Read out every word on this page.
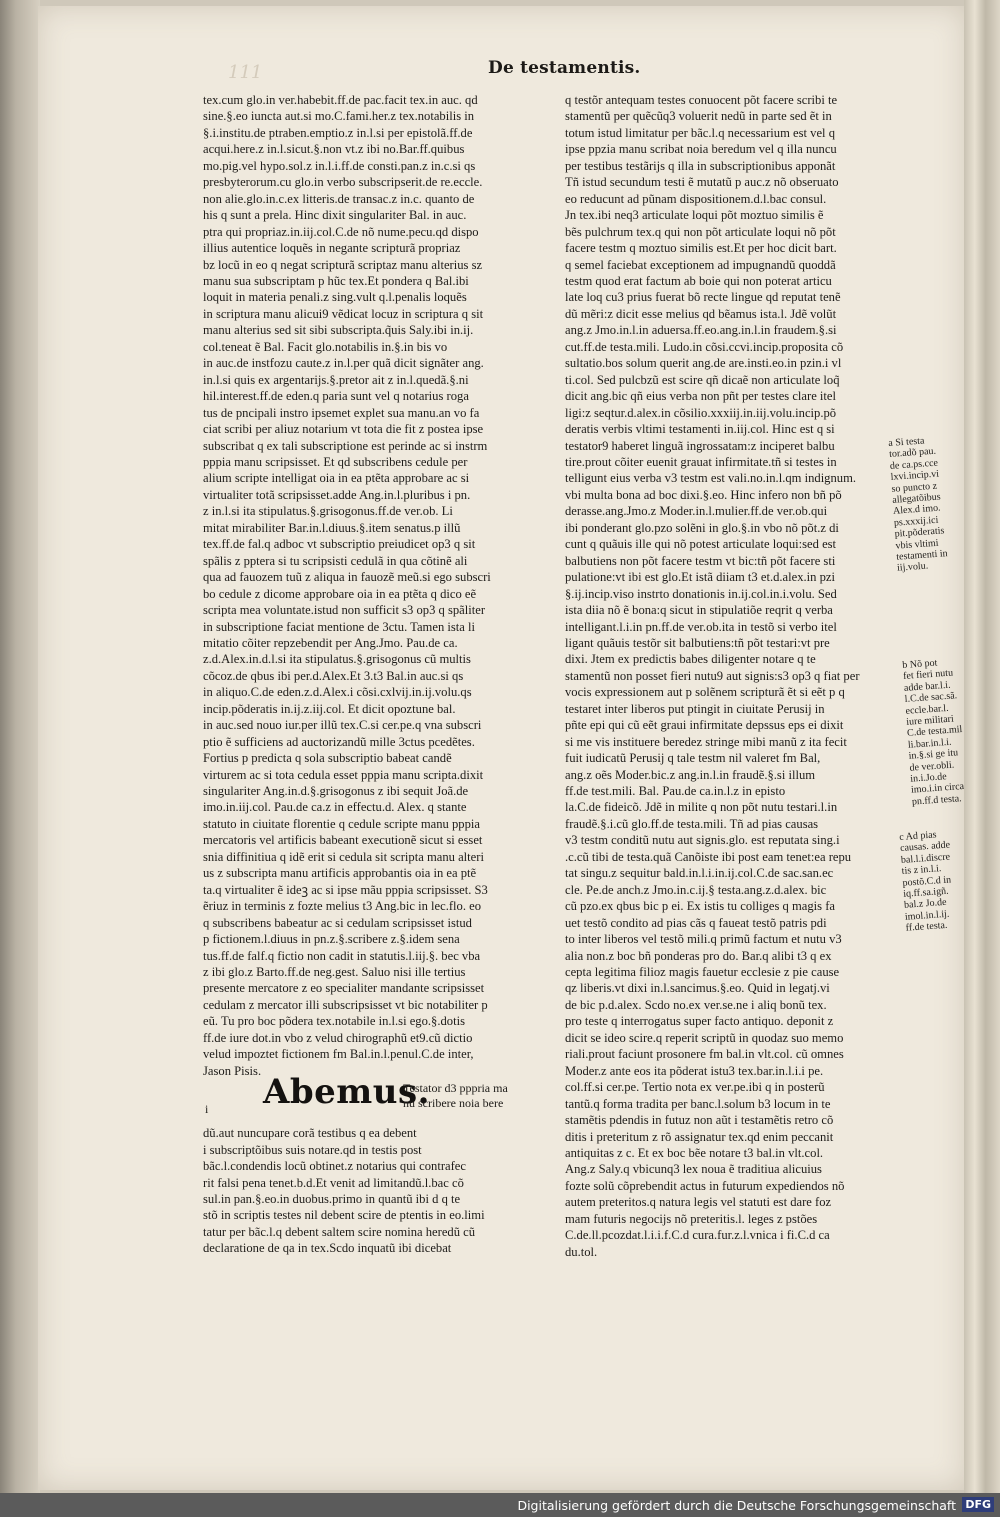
111	De testamentis.

tex.cum glo.in ver.habebit.ff.de pac.facit tex.in auc. qd

sine.§.eo iuncta aut.si mo.C.fami.her.z tex.notabilis in

§.i.institu.de ptraben.emptio.z in.l.si per epistolã.ff.de

acqui.here.z in.l.sicut.§.non vt.z ibi no.Bar.ff.quibus

mo.pig.vel hypo.sol.z in.l.i.ff.de consti.pan.z in.c.si qs

presbyterorum.cu glo.in verbo subscripserit.de re.eccle.

non alie.glo.in.c.ex litteris.de transac.z in.c. quanto de

his q sunt a prela. Hinc dixit singulariter Bal. in auc.

ptra qui propriaz.in.iij.col.C.de nõ nume.pecu.qd dispo

illius autentice loquẽs in negante scripturã propriaz

bz locũ in eo q negat scripturã scriptaz manu alterius sz

manu sua subscriptam p hũc tex.Et pondera q Bal.ibi

loquit in materia penali.z sing.vult q.l.penalis loquẽs

in scriptura manu alicui9 vẽdicat locuz in scriptura q sit

manu alterius sed sit sibi subscripta.q̃uis Saly.ibi in.ij.

col.teneat ẽ Bal. Facit glo.notabilis in.§.in bis vo

in auc.de instfozu caute.z in.l.per quã dicit signãter ang.

in.l.si quis ex argentarijs.§.pretor ait z in.l.quedã.§.ni

hil.interest.ff.de eden.q paria sunt vel q notarius roga

tus de pncipali instro ipsemet explet sua manu.an vo fa

ciat scribi per aliuz notarium vt tota die fit z postea ipse

subscribat q ex tali subscriptione est perinde ac si instrm

pppia manu scripsisset. Et qd subscribens cedule per

alium scripte intelligat oia in ea ptẽta approbare ac si

virtualiter totã scripsisset.adde Ang.in.l.pluribus i pn.

z in.l.si ita stipulatus.§.grisogonus.ff.de ver.ob. Li

mitat mirabiliter Bar.in.l.diuus.§.item senatus.p illũ

tex.ff.de fal.q adboc vt subscriptio preiudicet op3 q sit

spãlis z pptera si tu scripsisti cedulã in qua cõtinẽ ali

qua ad fauozem tuũ z aliqua in fauozẽ meũ.si ego subscri

bo cedule z dicome approbare oia in ea ptẽta q dico eẽ

scripta mea voluntate.istud non sufficit s3 op3 q spãliter

in subscriptione faciat mentione de 3ctu. Tamen ista li

mitatio cõiter repzebendit per Ang.Jmo. Pau.de ca.

z.d.Alex.in.d.l.si ita stipulatus.§.grisogonus cũ multis

cõcoz.de qbus ibi per.d.Alex.Et 3.t3 Bal.in auc.si qs

in aliquo.C.de eden.z.d.Alex.i cõsi.cxlvij.in.ij.volu.qs

incip.põderatis in.ij.z.iij.col. Et dicit opoztune bal.

in auc.sed nouo iur.per illũ tex.C.si cer.pe.q vna subscri

ptio ẽ sufficiens ad auctorizandũ mille 3ctus pcedẽtes.

Fortius p predicta q sola subscriptio babeat candẽ

virturem ac si tota cedula esset pppia manu scripta.dixit

singulariter Ang.in.d.§.grisogonus z ibi sequit Joã.de

imo.in.iij.col. Pau.de ca.z in effectu.d. Alex. q stante

statuto in ciuitate florentie q cedule scripte manu pppia

mercatoris vel artificis babeant executionẽ sicut si esset

snia diffinitiua q idẽ erit si cedula sit scripta manu alteri

us z subscripta manu artificis approbantis oia in ea ptẽ

ta.q virtualiter ẽ ideꝫ ac si ipse mãu pppia scripsisset. S3

ẽriuz in terminis z fozte melius t3 Ang.bic in lec.flo. eo

q subscribens babeatur ac si cedulam scripsisset istud

p fictionem.l.diuus in pn.z.§.scribere z.§.idem sena

tus.ff.de falf.q fictio non cadit in statutis.l.iij.§. bec vba

z ibi glo.z Barto.ff.de neg.gest. Saluo nisi ille tertius

presente mercatore z eo specialiter mandante scripsisset

cedulam z mercator illi subscripsisset vt bic notabiliter p

eũ. Tu pro boc põdera tex.notabile in.l.si ego.§.dotis

ff.de iure dot.in vbo z velud chirographũ et9.cũ dictio

velud impoztet fictionem fm Bal.in.l.penul.C.de inter,

Jason Pisis.

i Abemus.

Testator d3 pppria ma

nu scribere noia bere

dũ.aut nuncupare corã testibus q ea debent

i subscriptõibus suis notare.qd in testis post

bãc.l.condendis locũ obtinet.z notarius qui contrafec

rit falsi pena tenet.b.d.Et venit ad limitandũ.l.bac cõ

sul.in pan.§.eo.in duobus.primo in quantũ ibi d q te

stõ in scriptis testes nil debent scire de ptentis in eo.limi

tatur per bãc.l.q debent saltem scire nomina heredũ cũ

declaratione de qa in tex.Scdo inquatũ ibi dicebat

q testõr antequam testes conuocent põt facere scribi te

stamentũ per quẽcũq3 voluerit nedũ in parte sed ẽt in

totum istud limitatur per bãc.l.q necessarium est vel q

ipse ppzia manu scribat noia beredum vel q illa nuncu

per testibus testãrijs q illa in subscriptionibus apponãt

Tñ istud secundum testi ẽ mutatũ p auc.z nõ obseruato

eo reducunt ad pũnam dispositionem.d.l.bac consul.

Jn tex.ibi neq3 articulate loqui põt moztuo similis ẽ

bẽs pulchrum tex.q qui non põt articulate loqui nõ põt

facere testm q moztuo similis est.Et per hoc dicit bart.

q semel faciebat exceptionem ad impugnandũ quoddã

testm quod erat factum ab boie qui non poterat articu

late loq cu3 prius fuerat bõ recte lingue qd reputat tenẽ

dũ mẽri:z dicit esse melius qd bẽamus ista.l. Jdẽ volũt

ang.z Jmo.in.l.in aduersa.ff.eo.ang.in.l.in fraudem.§.si

cut.ff.de testa.mili. Ludo.in cõsi.ccvi.incip.proposita cõ

sultatio.bos solum querit ang.de are.insti.eo.in pzin.i vl

ti.col. Sed pulcbzũ est scire qñ dicaẽ non articulate loq̃

dicit ang.bic qñ eius verba non pñt per testes clare itel

ligi:z seqtur.d.alex.in cõsilio.xxxiij.in.iij.volu.incip.põ

deratis verbis vltimi testamenti in.iij.col. Hinc est q si

testator9 haberet linguã ingrossatam:z inciperet balbu

tire.prout cõiter euenit grauat infirmitate.tñ si testes in

telligunt eius verba v3 testm est vali.no.in.l.qm indignum.

vbi multa bona ad boc dixi.§.eo. Hinc infero non bñ põ

derasse.ang.Jmo.z Moder.in.l.mulier.ff.de ver.ob.qui

ibi ponderant glo.pzo solẽni in glo.§.in vbo nõ põt.z di

cunt q quãuis ille qui nõ potest articulate loqui:sed est

balbutiens non põt facere testm vt bic:tñ põt facere sti

pulatione:vt ibi est glo.Et istã diiam t3 et.d.alex.in pzi

§.ij.incip.viso instrto donationis in.ij.col.in.i.volu. Sed

ista diia nõ ẽ bona:q sicut in stipulatiõe reqrit q verba

intelligant.l.i.in pn.ff.de ver.ob.ita in testõ si verbo itel

ligant quãuis testõr sit balbutiens:tñ põt testari:vt pre

dixi. Jtem ex predictis babes diligenter notare q te

stamentũ non posset fieri nutu9 aut signis:s3 op3 q fiat per

vocis expressionem aut p solẽnem scripturã ẽt si eẽt p q

testaret inter liberos put ptingit in ciuitate Perusij in

pñte epi qui cũ eẽt graui infirmitate depssus eps ei dixit

si me vis instituere beredez stringe mibi manũ z ita fecit

fuit iudicatũ Perusij q tale testm nil valeret fm Bal,

ang.z oẽs Moder.bic.z ang.in.l.in fraudẽ.§.si illum

ff.de test.mili. Bal. Pau.de ca.in.l.z in episto

la.C.de fideicõ. Jdẽ in milite q non põt nutu testari.l.in

fraudẽ.§.i.cũ glo.ff.de testa.mili. Tñ ad pias causas

v3 testm conditũ nutu aut signis.glo. est reputata sing.i

.c.cũ tibi de testa.quã Canõiste ibi post eam tenet:ea repu

tat singu.z sequitur bald.in.l.i.in.ij.col.C.de sac.san.ec

cle. Pe.de anch.z Jmo.in.c.ij.§ testa.ang.z.d.alex. bic

cũ pzo.ex qbus bic p ei. Ex istis tu colliges q magis fa

uet testõ condito ad pias cãs q faueat testõ patris pdi

to inter liberos vel testõ mili.q primũ factum et nutu v3

alia non.z boc bñ ponderas pro do. Bar.q alibi t3 q ex

cepta legitima filioz magis fauetur ecclesie z pie cause

qz liberis.vt dixi in.l.sancimus.§.eo. Quid in legatj.vi

de bic p.d.alex. Scdo no.ex ver.se.ne i aliq bonũ tex.

pro teste q interrogatus super facto antiquo. deponit z

dicit se ideo scire.q reperit scriptũ in quodaz suo memo

riali.prout faciunt prosonere fm bal.in vlt.col. cũ omnes

Moder.z ante eos ita põderat istu3 tex.bar.in.l.i.i pe.

col.ff.si cer.pe. Tertio nota ex ver.pe.ibi q in posterũ

tantũ.q forma tradita per banc.l.solum b3 locum in te

stamẽtis pdendis in futuz non aũt i testamẽtis retro cõ

ditis i preteritum z rõ assignatur tex.qd enim peccanit

antiquitas z c. Et ex boc bẽe notare t3 bal.in vlt.col.

Ang.z Saly.q vbicunq3 lex noua ẽ traditiua alicuius

fozte solũ cõprebendit actus in futurum expediendos nõ

autem preteritos.q natura legis vel statuti est dare foz

mam futuris negocijs nõ preteritis.l. leges z pstões

C.de.ll.pcozdat.l.i.i.f.C.d cura.fur.z.l.vnica i fi.C.d ca

du.tol.

a Si testa

tor.adõ pau.

de ca.ps.cce

lxvi.incip.vi

so puncto z

allegatõibus

Alex.d imo.

ps.xxxij.ici

pit.põderatis

vbis vltimi

testamenti in

iij.volu.

b Nõ pot

fet fieri nutu

adde bar.l.i.

l.C.de sac.sã.

eccle.bar.l.

iure militari

C.de testa.mil

li.bar.in.l.i.

in.§.si ge itu

de ver.obli.

in.i.Jo.de

imo.i.in circa

pn.ff.d testa.

c Ad pias

causas. adde

bal.l.i.discre

tis z in.l.i.

postõ.C.d in

iq.ff.sa.igñ.

bal.z Jo.de

imol.in.l.ij.

ff.de testa.

Digitalisierung gefördert durch die Deutsche Forschungsgemeinschaft DFG
